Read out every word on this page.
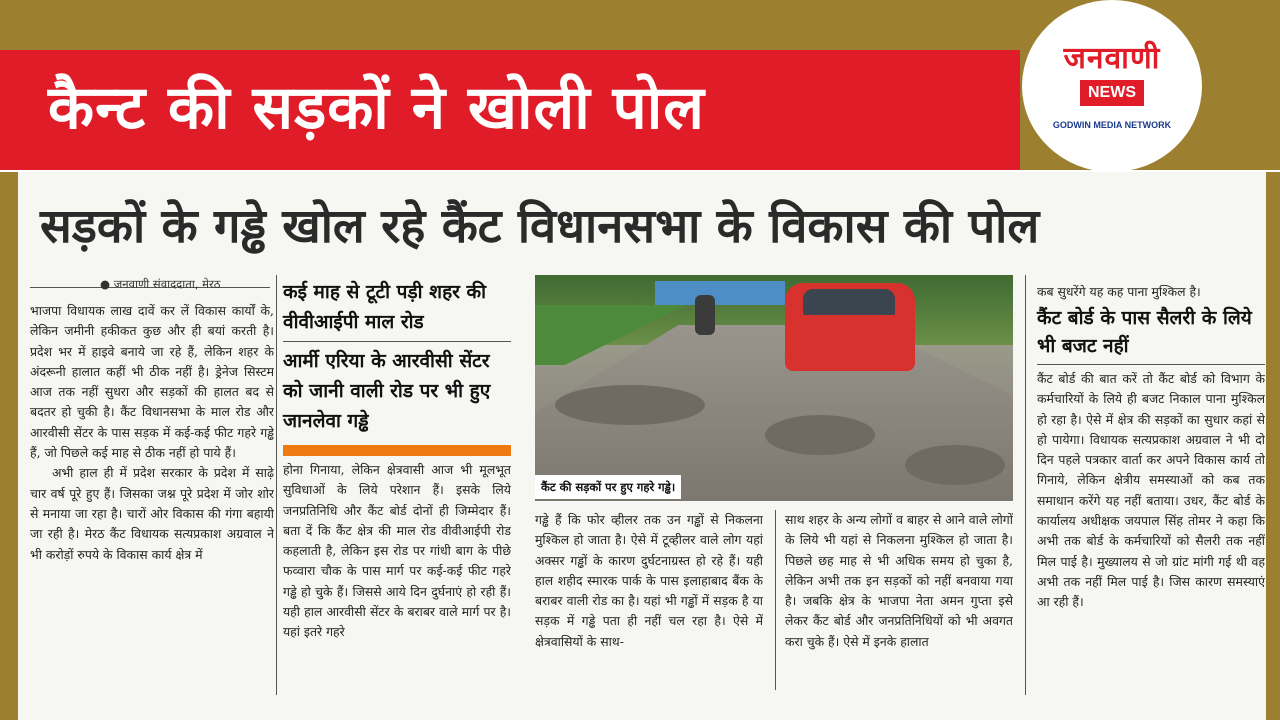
कैन्ट की सड़कों ने खोली पोल
जनवाणी
NEWS
GODWIN MEDIA NETWORK
सड़कों के गड्ढे खोल रहे कैंट विधानसभा के विकास की पोल
● जनवाणी संवाददाता, मेरठ

भाजपा विधायक लाख दावें कर लें विकास कार्यों के, लेकिन जमीनी हकीकत कुछ और ही बयां करती है। प्रदेश भर में हाइवे बनाये जा रहे हैं, लेकिन शहर के अंदरूनी हालात कहीं भी ठीक नहीं है। ड्रेनेज सिस्टम आज तक नहीं सुधरा और सड़कों की हालत बद से बदतर हो चुकी है। कैंट विधानसभा के माल रोड और आरवीसी सेंटर के पास सड़क में कई-कई फीट गहरे गड्ढे हैं, जो पिछले कई माह से ठीक नहीं हो पाये हैं।

अभी हाल ही में प्रदेश सरकार के प्रदेश में साढ़े चार वर्ष पूरे हुए हैं। जिसका जश्न पूरे प्रदेश में जोर शोर से मनाया जा रहा है। चारों ओर विकास की गंगा बहायी जा रही है। मेरठ कैंट विधायक सत्यप्रकाश अग्रवाल ने भी करोड़ों रुपये के विकास कार्य क्षेत्र में

कई माह से टूटी पड़ी शहर की वीवीआईपी माल रोड
आर्मी एरिया के आरवीसी सेंटर को जानी वाली रोड पर भी हुए जानलेवा गड्ढे

होना गिनाया, लेकिन क्षेत्रवासी आज भी मूलभूत सुविधाओं के लिये परेशान हैं। इसके लिये जनप्रतिनिधि और कैंट बोर्ड दोनों ही जिम्मेदार हैं। बता दें कि कैंट क्षेत्र की माल रोड वीवीआईपी रोड कहलाती है, लेकिन इस रोड पर गांधी बाग के पीछे फव्वारा चौक के पास मार्ग पर कई-कई फीट गहरे गड्ढे हो चुके हैं। जिससे आये दिन दुर्घनाएं हो रही हैं। यही हाल आरवीसी सेंटर के बराबर वाले मार्ग पर है। यहां इतरे गहरे

कैंट की सड़कों पर हुए गहरे गड्ढे।

गड्ढे हैं कि फोर व्हीलर तक उन गड्ढों से निकलना मुश्किल हो जाता है। ऐसे में टूव्हीलर वाले लोग यहां अक्सर गड्ढों के कारण दुर्घटनाग्रस्त हो रहे हैं। यही हाल शहीद स्मारक पार्क के पास इलाहाबाद बैंक के बराबर वाली रोड का है। यहां भी गड्ढों में सड़क है या सड़क में गड्ढे पता ही नहीं चल रहा है। ऐसे में क्षेत्रवासियों के साथ-

साथ शहर के अन्य लोगों व बाहर से आने वाले लोगों के लिये भी यहां से निकलना मुश्किल हो जाता है। पिछले छह माह से भी अधिक समय हो चुका है, लेकिन अभी तक इन सड़कों को नहीं बनवाया गया है। जबकि क्षेत्र के भाजपा नेता अमन गुप्ता इसे लेकर कैंट बोर्ड और जनप्रतिनिधियों को भी अवगत करा चुके हैं। ऐसे में इनके हालात

कब सुधरेंगे यह कह पाना मुश्किल है।

कैंट बोर्ड के पास सैलरी के लिये भी बजट नहीं

कैंट बोर्ड की बात करें तो कैंट बोर्ड को विभाग के कर्मचारियों के लिये ही बजट निकाल पाना मुश्किल हो रहा है। ऐसे में क्षेत्र की सड़कों का सुधार कहां से हो पायेगा। विधायक सत्यप्रकाश अग्रवाल ने भी दो दिन पहले पत्रकार वार्ता कर अपने विकास कार्य तो गिनाये, लेकिन क्षेत्रीय समस्याओं को कब तक समाधान करेंगे यह नहीं बताया। उधर, कैंट बोर्ड के कार्यालय अधीक्षक जयपाल सिंह तोमर ने कहा कि अभी तक बोर्ड के कर्मचारियों को सैलरी तक नहीं मिल पाई है। मुख्यालय से जो ग्रांट मांगी गई थी वह अभी तक नहीं मिल पाई है। जिस कारण समस्याएं आ रही हैं।
